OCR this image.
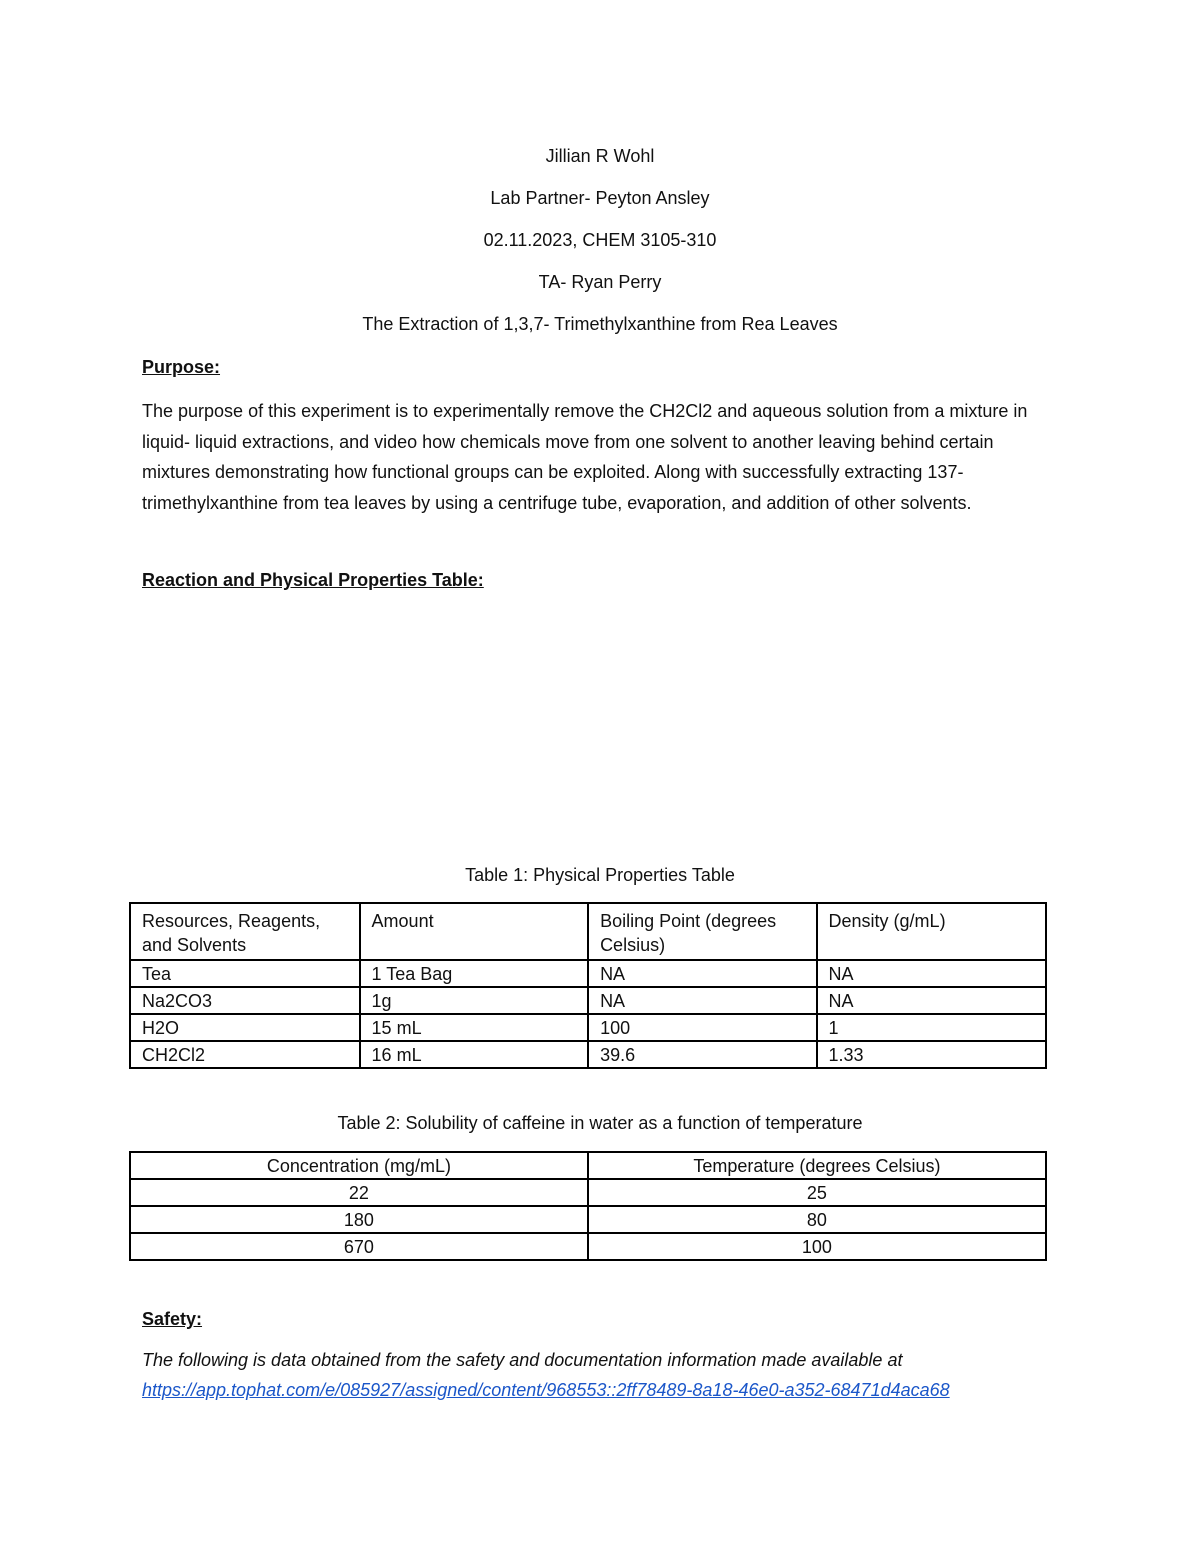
Jillian R Wohl
Lab Partner- Peyton Ansley
02.11.2023, CHEM 3105-310
TA- Ryan Perry
The Extraction of 1,3,7- Trimethylxanthine from Rea Leaves
Purpose:
The purpose of this experiment is to experimentally remove the CH2Cl2 and aqueous solution from a mixture in liquid- liquid extractions, and video how chemicals move from one solvent to another leaving behind certain mixtures demonstrating how functional groups can be exploited. Along with successfully extracting 137- trimethylxanthine from tea leaves by using a centrifuge tube, evaporation, and addition of other solvents.
Reaction and Physical Properties Table:
Table 1: Physical Properties Table
Resources, Reagents, and Solvents	Amount	Boiling Point (degrees Celsius)	Density (g/mL)
Tea	1 Tea Bag	NA	NA
Na2CO3	1g	NA	NA
H2O	15 mL	100	1
CH2Cl2	16 mL	39.6	1.33
Table 2: Solubility of caffeine in water as a function of temperature
Concentration (mg/mL)	Temperature (degrees Celsius)
22	25
180	80
670	100
Safety:
The following is data obtained from the safety and documentation information made available at
https://app.tophat.com/e/085927/assigned/content/968553::2ff78489-8a18-46e0-a352-68471d4aca68
